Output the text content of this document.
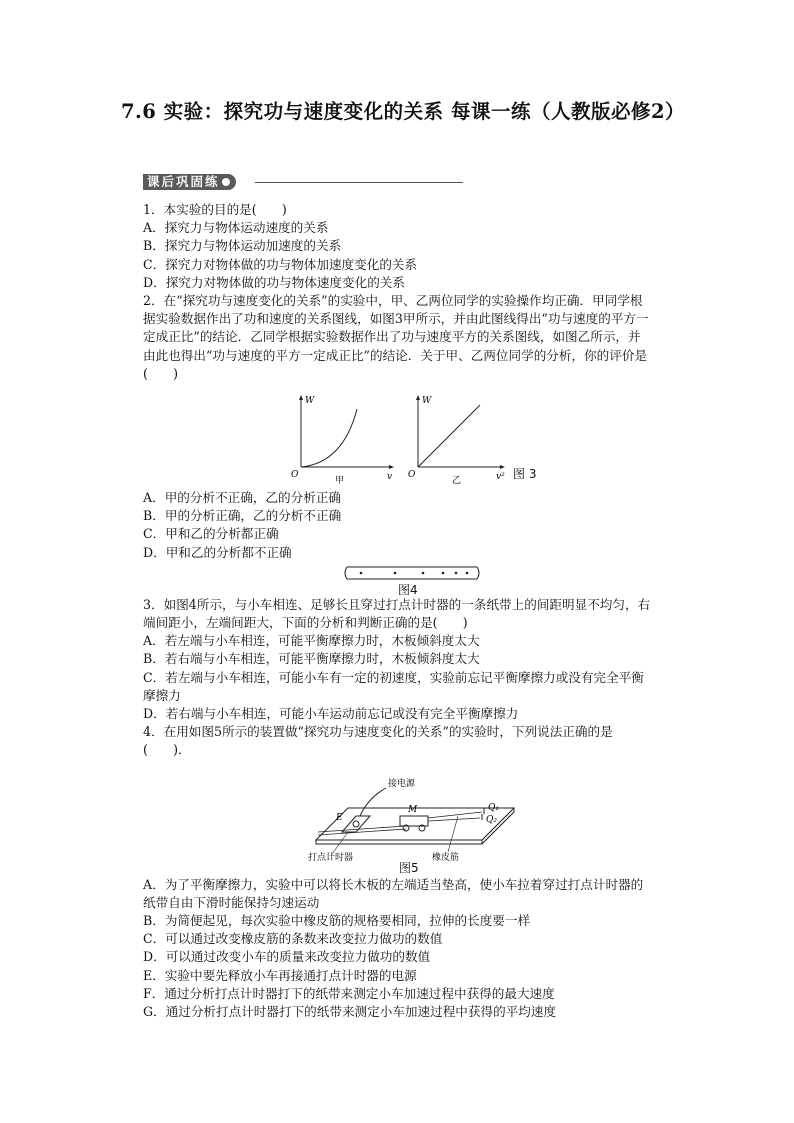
7.6 实验：探究功与速度变化的关系 每课一练（人教版必修2）
课后巩固练

1．本实验的目的是(　　)

A．探究力与物体运动速度的关系

B．探究力与物体运动加速度的关系

C．探究力对物体做的功与物体加速度变化的关系

D．探究力对物体做的功与物体速度变化的关系

2．在“探究功与速度变化的关系”的实验中，甲、乙两位同学的实验操作均正确．甲同学根据实验数据作出了功和速度的关系图线，如图3甲所示，并由此图线得出“功与速度的平方一定成正比”的结论．乙同学根据实验数据作出了功与速度平方的关系图线，如图乙所示，并由此也得出“功与速度的平方一定成正比”的结论．关于甲、乙两位同学的分析，你的评价是(　　)

W
v
O
甲
W
v²
O
乙	图 3

A．甲的分析不正确，乙的分析正确

B．甲的分析正确，乙的分析不正确

C．甲和乙的分析都正确

D．甲和乙的分析都不正确

图4

3．如图4所示，与小车相连、足够长且穿过打点计时器的一条纸带上的间距明显不均匀，右端间距小，左端间距大，下面的分析和判断正确的是(　　)

A．若左端与小车相连，可能平衡摩擦力时，木板倾斜度太大

B．若右端与小车相连，可能平衡摩擦力时，木板倾斜度太大

C．若左端与小车相连，可能小车有一定的初速度，实验前忘记平衡摩擦力或没有完全平衡摩擦力

D．若右端与小车相连，可能小车运动前忘记或没有完全平衡摩擦力

4．在用如图5所示的装置做“探究功与速度变化的关系”的实验时，下列说法正确的是(　　)．

接电源
E
M	Q₁
Q₂
打点计时器	橡皮筋
图5

A．为了平衡摩擦力，实验中可以将长木板的左端适当垫高，使小车拉着穿过打点计时器的纸带自由下滑时能保持匀速运动

B．为简便起见，每次实验中橡皮筋的规格要相同，拉伸的长度要一样

C．可以通过改变橡皮筋的条数来改变拉力做功的数值

D．可以通过改变小车的质量来改变拉力做功的数值

E．实验中要先释放小车再接通打点计时器的电源

F．通过分析打点计时器打下的纸带来测定小车加速过程中获得的最大速度

G．通过分析打点计时器打下的纸带来测定小车加速过程中获得的平均速度
